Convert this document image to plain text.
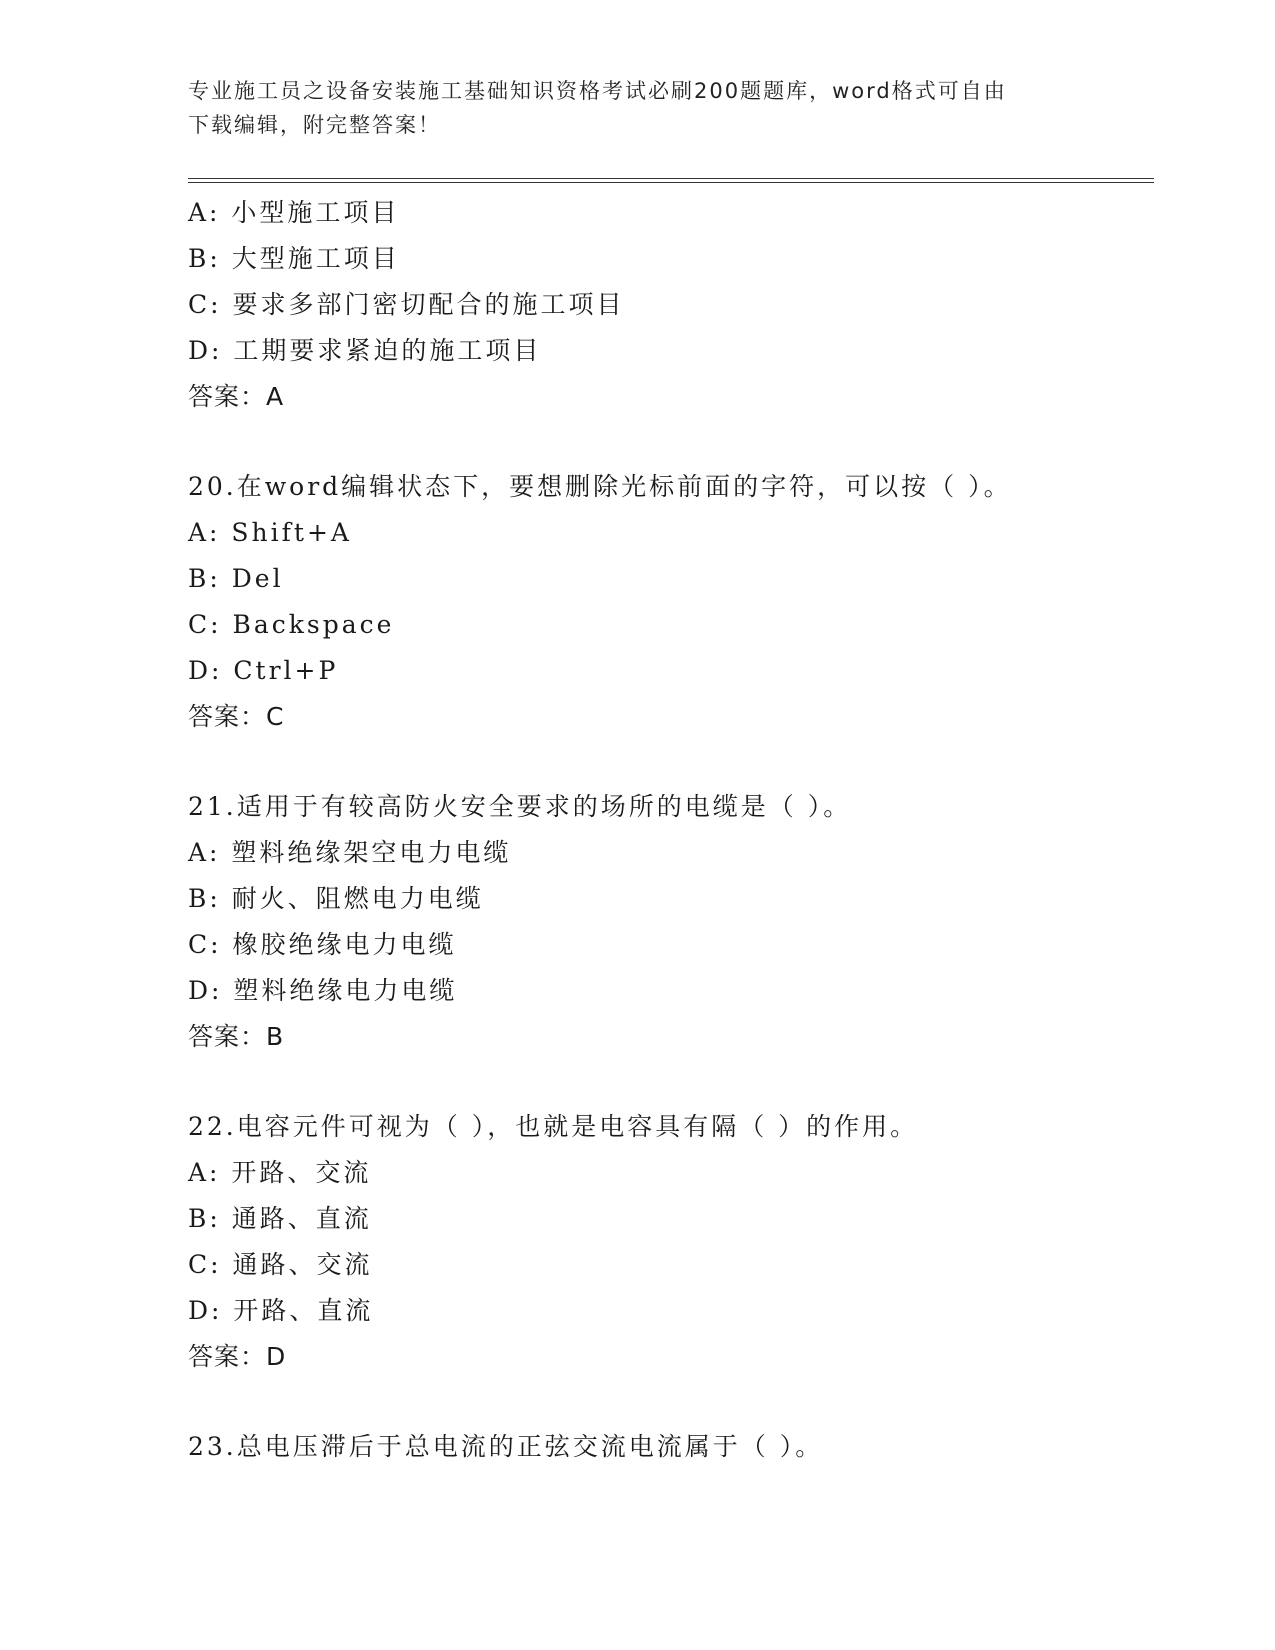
专业施工员之设备安装施工基础知识资格考试必刷200题题库，word格式可自由
下载编辑，附完整答案！
A: 小型施工项目
B: 大型施工项目
C: 要求多部门密切配合的施工项目
D: 工期要求紧迫的施工项目
答案：A
20.在word编辑状态下，要想删除光标前面的字符，可以按（ ）。
A: Shift+A
B: Del
C: Backspace
D: Ctrl+P
答案：C
21.适用于有较高防火安全要求的场所的电缆是（ ）。
A: 塑料绝缘架空电力电缆
B: 耐火、阻燃电力电缆
C: 橡胶绝缘电力电缆
D: 塑料绝缘电力电缆
答案：B
22.电容元件可视为（ ），也就是电容具有隔（ ）的作用。
A: 开路、交流
B: 通路、直流
C: 通路、交流
D: 开路、直流
答案：D
23.总电压滞后于总电流的正弦交流电流属于（ ）。
